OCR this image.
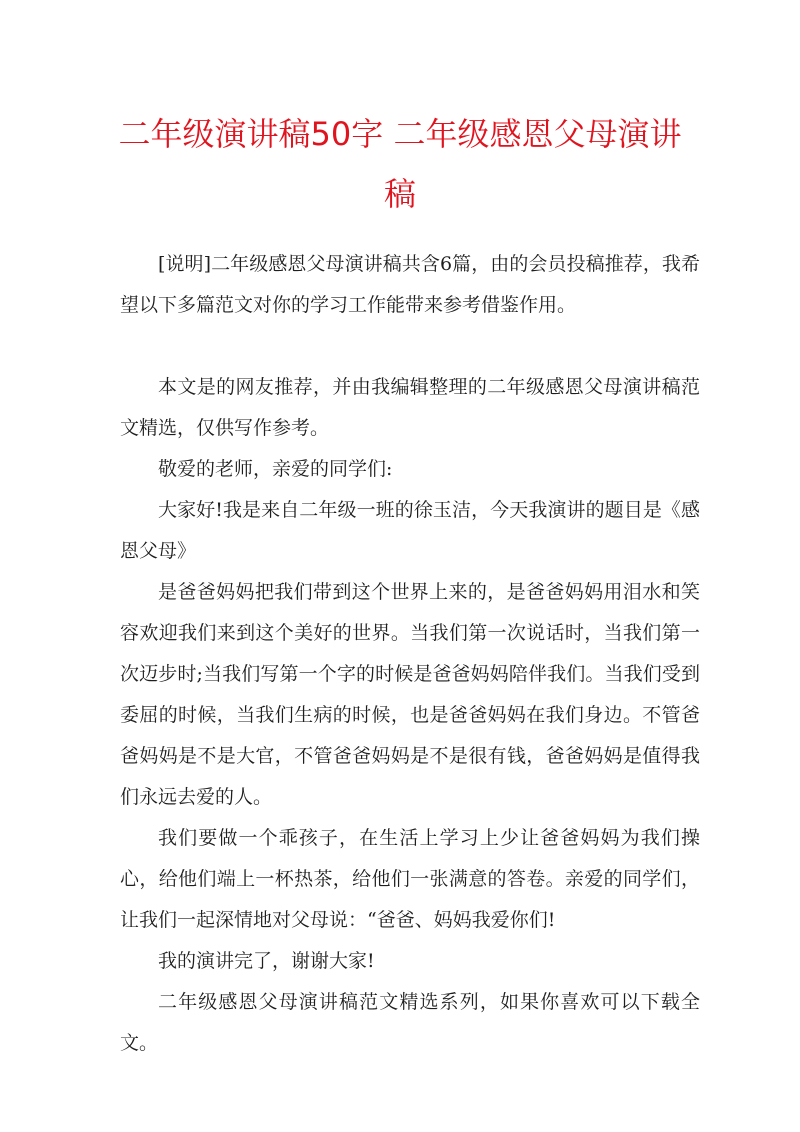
二年级演讲稿50字 二年级感恩父母演讲
稿

[说明]二年级感恩父母演讲稿共含6篇，由的会员投稿推荐，我希望以下多篇范文对你的学习工作能带来参考借鉴作用。

本文是的网友推荐，并由我编辑整理的二年级感恩父母演讲稿范文精选，仅供写作参考。

敬爱的老师，亲爱的同学们:

大家好!我是来自二年级一班的徐玉洁，今天我演讲的题目是《感恩父母》

是爸爸妈妈把我们带到这个世界上来的，是爸爸妈妈用泪水和笑容欢迎我们来到这个美好的世界。当我们第一次说话时，当我们第一次迈步时;当我们写第一个字的时候是爸爸妈妈陪伴我们。当我们受到委屈的时候，当我们生病的时候，也是爸爸妈妈在我们身边。不管爸爸妈妈是不是大官，不管爸爸妈妈是不是很有钱，爸爸妈妈是值得我们永远去爱的人。

我们要做一个乖孩子，在生活上学习上少让爸爸妈妈为我们操心，给他们端上一杯热茶，给他们一张满意的答卷。亲爱的同学们，让我们一起深情地对父母说：“爸爸、妈妈我爱你们!

我的演讲完了，谢谢大家!

二年级感恩父母演讲稿范文精选系列，如果你喜欢可以下载全文。
